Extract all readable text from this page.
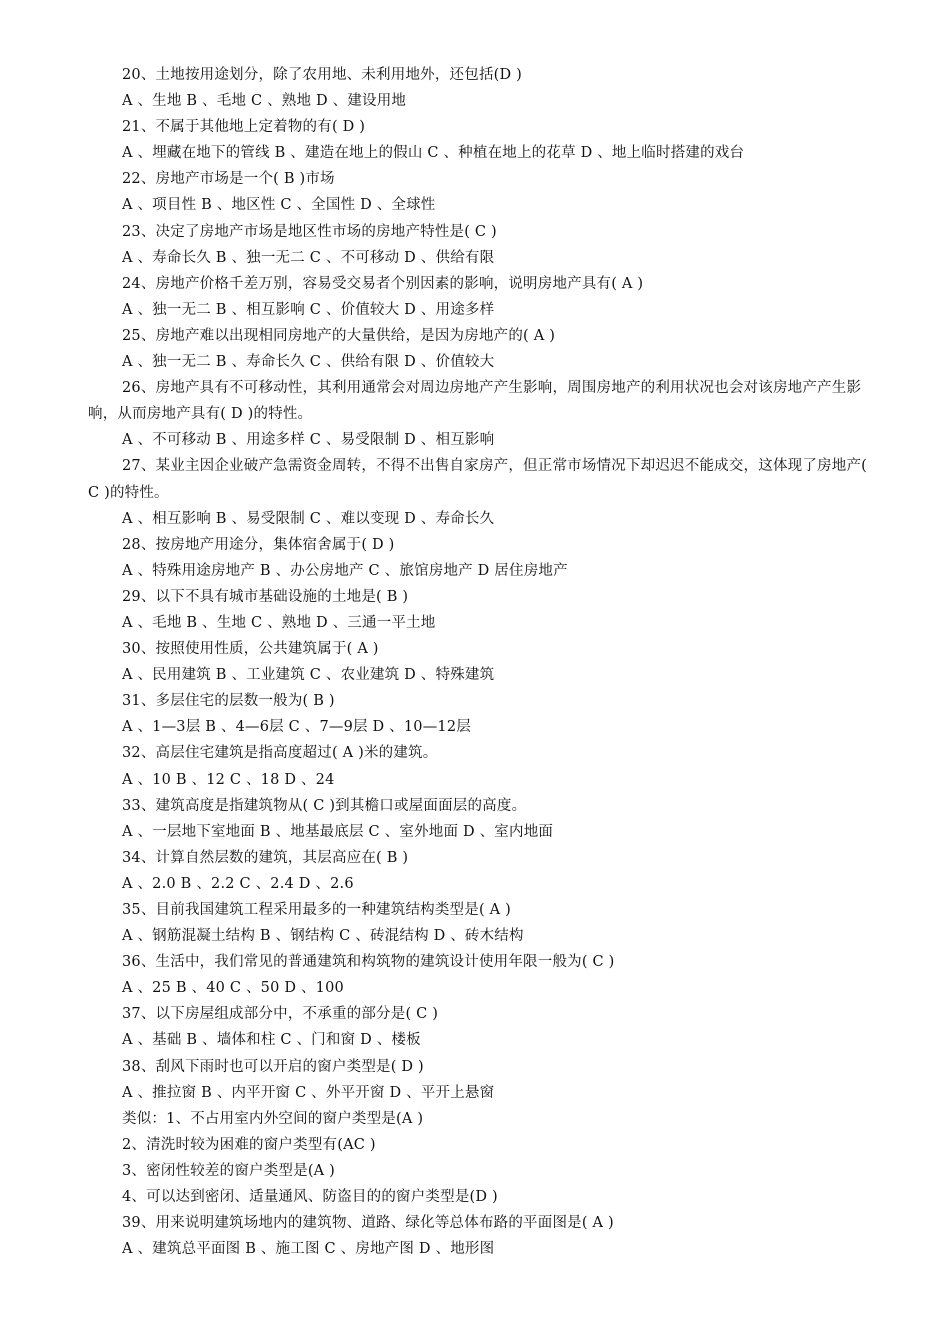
20、土地按用途划分，除了农用地、未利用地外，还包括(D )
A 、生地 B 、毛地 C 、熟地 D 、建设用地
21、不属于其他地上定着物的有( D )
A 、埋藏在地下的管线 B 、建造在地上的假山 C 、种植在地上的花草 D 、地上临时搭建的戏台
22、房地产市场是一个( B )市场
A 、项目性 B 、地区性 C 、全国性 D 、全球性
23、决定了房地产市场是地区性市场的房地产特性是( C )
A 、寿命长久 B 、独一无二 C 、不可移动 D 、供给有限
24、房地产价格千差万别，容易受交易者个别因素的影响，说明房地产具有( A )
A 、独一无二 B 、相互影响 C 、价值较大 D 、用途多样
25、房地产难以出现相同房地产的大量供给，是因为房地产的( A )
A 、独一无二 B 、寿命长久 C 、供给有限 D 、价值较大
26、房地产具有不可移动性，其利用通常会对周边房地产产生影响，周围房地产的利用状况也会对该房地产产生影响，从而房地产具有( D )的特性。
A 、不可移动 B 、用途多样 C 、易受限制 D 、相互影响
27、某业主因企业破产急需资金周转，不得不出售自家房产，但正常市场情况下却迟迟不能成交，这体现了房地产( C )的特性。
A 、相互影响 B 、易受限制 C 、难以变现 D 、寿命长久
28、按房地产用途分，集体宿舍属于( D )
A 、特殊用途房地产 B 、办公房地产 C 、旅馆房地产 D 居住房地产
29、以下不具有城市基础设施的土地是( B )
A 、毛地 B 、生地 C 、熟地 D 、三通一平土地
30、按照使用性质，公共建筑属于( A )
A 、民用建筑 B 、工业建筑 C 、农业建筑 D 、特殊建筑
31、多层住宅的层数一般为( B )
A 、1—3层 B 、4—6层 C 、7—9层 D 、10—12层
32、高层住宅建筑是指高度超过( A )米的建筑。
A 、10 B 、12 C 、18 D 、24
33、建筑高度是指建筑物从( C )到其檐口或屋面面层的高度。
A 、一层地下室地面 B 、地基最底层 C 、室外地面 D 、室内地面
34、计算自然层数的建筑，其层高应在( B )
A 、2.0 B 、2.2 C 、2.4 D 、2.6
35、目前我国建筑工程采用最多的一种建筑结构类型是( A )
A 、钢筋混凝土结构 B 、钢结构 C 、砖混结构 D 、砖木结构
36、生活中，我们常见的普通建筑和构筑物的建筑设计使用年限一般为( C )
A 、25 B 、40 C 、50 D 、100
37、以下房屋组成部分中，不承重的部分是( C )
A 、基础 B 、墙体和柱 C 、门和窗 D 、楼板
38、刮风下雨时也可以开启的窗户类型是( D )
A 、推拉窗 B 、内平开窗 C 、外平开窗 D 、平开上悬窗
类似：1、不占用室内外空间的窗户类型是(A )
2、清洗时较为困难的窗户类型有(AC )
3、密闭性较差的窗户类型是(A )
4、可以达到密闭、适量通风、防盗目的的窗户类型是(D )
39、用来说明建筑场地内的建筑物、道路、绿化等总体布路的平面图是( A )
A 、建筑总平面图 B 、施工图 C 、房地产图 D 、地形图
